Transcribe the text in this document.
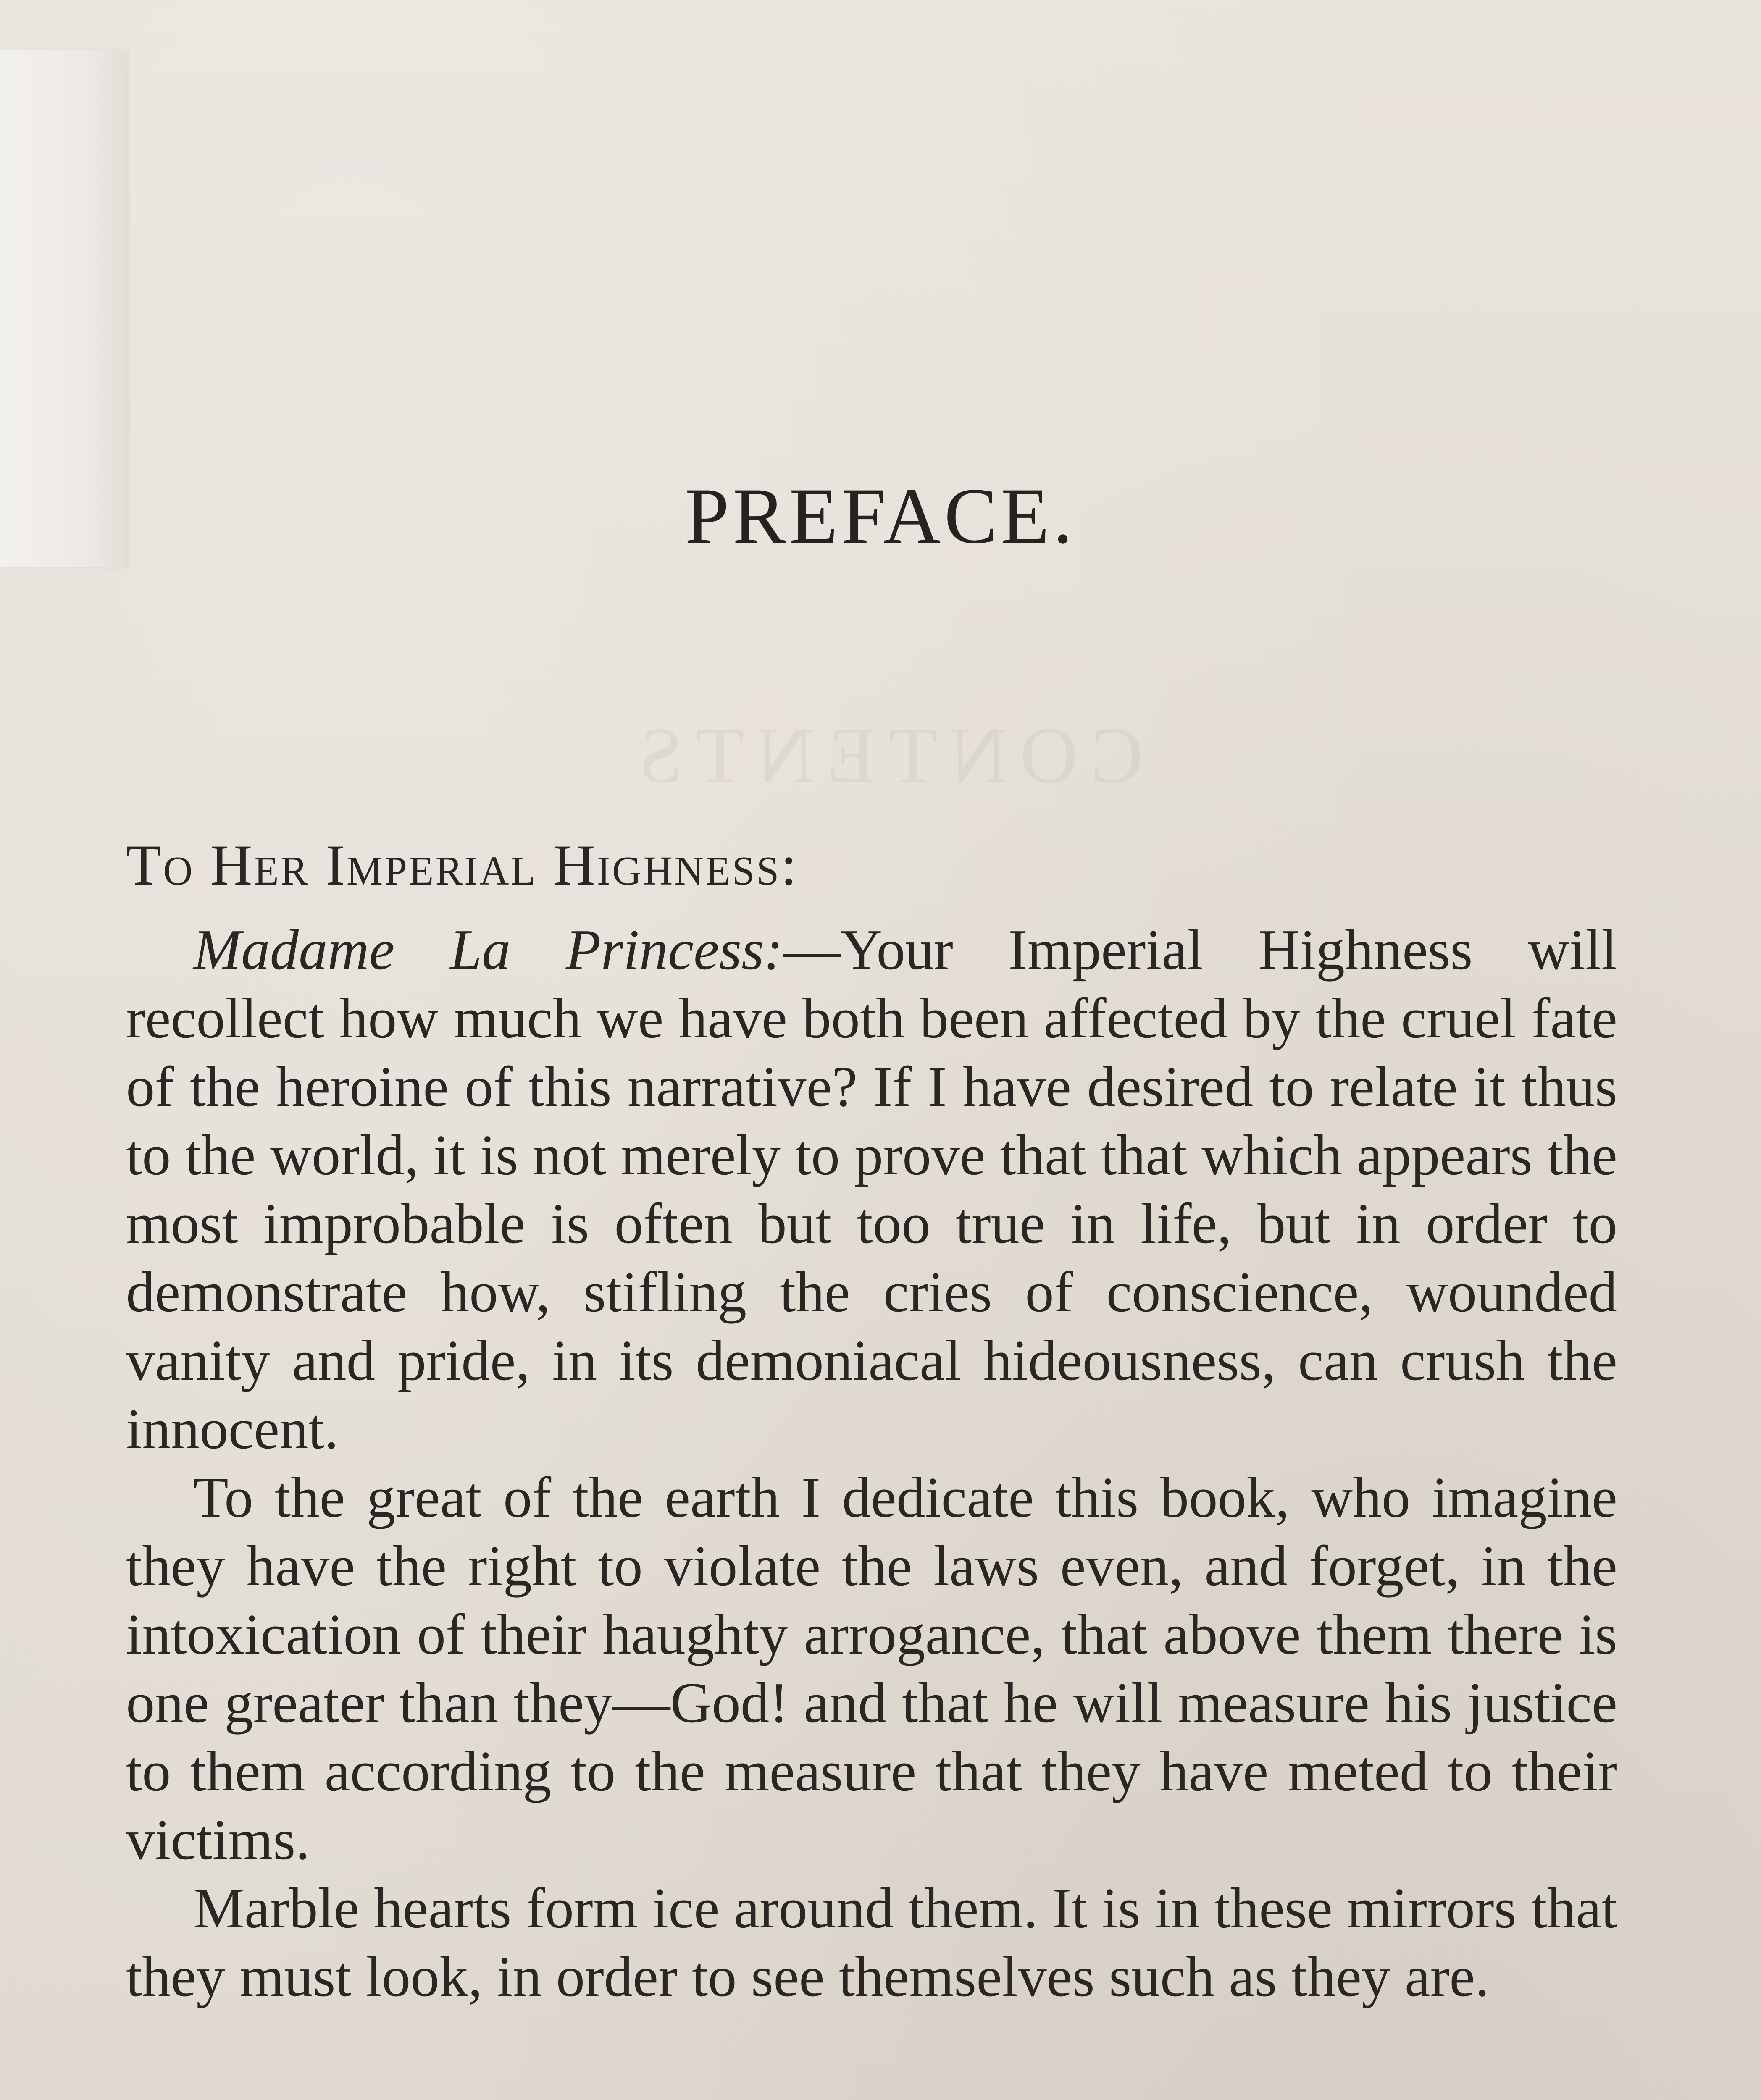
CONTENTS
PREFACE.
To Her Imperial Highness:

Madame La Princess:—Your Imperial Highness will recollect how much we have both been affected by the cruel fate of the heroine of this narrative? If I have desired to relate it thus to the world, it is not merely to prove that that which appears the most improbable is often but too true in life, but in order to demonstrate how, stifling the cries of conscience, wounded vanity and pride, in its demoniacal hideousness, can crush the innocent.

To the great of the earth I dedicate this book, who imagine they have the right to violate the laws even, and forget, in the intoxication of their haughty arrogance, that above them there is one greater than they—God! and that he will measure his justice to them according to the measure that they have meted to their victims.

Marble hearts form ice around them. It is in these mirrors that they must look, in order to see themselves such as they are.
